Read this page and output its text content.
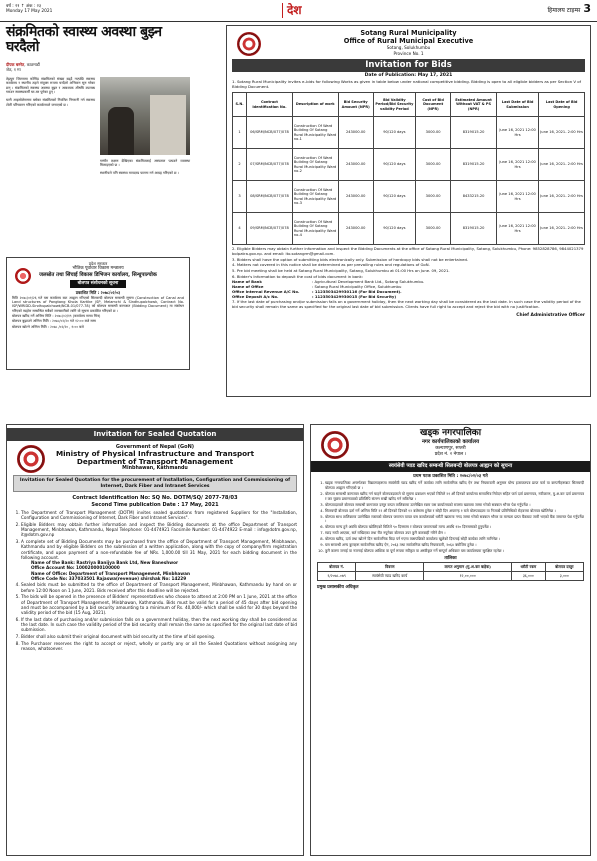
वर्ष : २१ ↑ अंक : २३
Monday 17 May 2021	देश	हिमालय टाइम्स 3
संक्रमितको स्वास्थ्य अवस्था बुझ्न घरदैलो
दीपक बस्नेत, काठमाडौं
जेठ, १ मा

तेह्रथुम जिल्लामा कोभिड संक्रमितको संख्या बढ्दै गएपछि स्वास्थ्य कार्यालय र स्थानीय तहले संयुक्त रूपमा घरदैलो अभियान सुरु गरेका छन् । संक्रमितको स्वास्थ्य अवस्था बुझ्न र आवश्यक औषधि उपलब्ध गराउन स्वास्थ्यकर्मी घर-घर पुगेका हुन् ।

घरमै आइसोलेसनमा बसेका संक्रमितको नियमित निगरानी गर्न स्वास्थ्य टोली परिचालन गरिएको कार्यालयले जनाएको छ ।

गम्भीर लक्षण देखिएका संक्रमितलाई अस्पताल पठाउने व्यवस्था मिलाइएको छ ।

स्थानीयले पनि स्वास्थ्य मापदण्ड पालना गर्न आग्रह गरिएको छ ।

प्रदेश सरकार
भौतिक पूर्वाधार विकास मन्त्रालय
जलस्रोत तथा सिंचाई विकास डिभिजन कार्यालय, सिन्धुपाल्चोक
बोलपत्र संशोधनको सूचना
प्रकाशित मिति : २०७८/०२/०३

मिति २०७८/०१/२६ गते यस कार्यालय बाट आह्वान गरिएको सिलबन्दी बोलपत्र सम्बन्धी सूचना (Construction of Canal and Land structures of Pangtang Khola Kartike (SP, Melamchi & Sindhupalchowk, Contract No. ISP/WRIDD-Sindhupalchowk/NCB-01/077-78) को बोलपत्र सम्बन्धी कागजात (Bidding Document) मा संशोधन गरिएको व्यहोरा सम्बन्धित सबैको जानकारीको लागि यो सूचना प्रकाशित गरिएको छ ।

बोलपत्र खरिद गर्ने अन्तिम मिति : २०७८/०२/१९ (कार्यालय समय भित्र)

बोलपत्र बुझाउने अन्तिम मिति : २०७८/०२/२० गते १२:०० बजे सम्म

बोलपत्र खोल्ने अन्तिम मिति : २०७८ /०२/२० , १:०० बजे

Sotang Rural Municipality
Office of Rural Municipal Executive
Sotang, Solukhumbu
Province No. 1
Invitation for Bids
Date of Publication: May 17, 2021
1. Sotang Rural Municipality invites e–bids for following Works as given in table below under national competitive bidding. Bidding is open to all eligible bidders as per Section V of Bidding Document.
S.N.	Contract Identification No.	Description of work	Bid Security Amount (NPR)	Bid Validity Period/Bid Security validity Period	Cost of Bid Document (NPR)	Estimated Amount Without VAT & PS (NPR)	Last Date of Bid Submission	Last Date of Bid Opening
1	06/SRM/NCB/077/078	Construction Of Ward Building Of Sotang Rural Municipality Ward no-1	243000.00	90/120 days	3000.00	8319015.20	June 16, 2021 12:00 Hrs	June 16, 2021- 2:00 Hrs
2	07/SRM/NCB/077/078	Construction Of Ward Building Of Sotang Rural Municipality Ward no-2	243000.00	90/120 days	3000.00	8319015.20	June 16, 2021 12:00 Hrs	June 16, 2021- 2:00 Hrs
3	08/SRM/NCB/077/078	Construction Of Ward Building Of Sotang Rural Municipality Ward no-3	243000.00	90/120 days	3000.00	8433215.20	June 16, 2021 12:00 Hrs	June 16, 2021- 2:00 Hrs
4	09/SRM/NCB/077/078	Construction Of Ward Building Of Sotang Rural Municipality Ward no-4	243000.00	90/120 days	3000.00	8319015.20	June 16, 2021 12:00 Hrs	June 16, 2021- 2:00 Hrs

2. Eligible Bidders may obtain further information and inspect the Bidding Documents at the office of Sotang Rural Municipality, Sotang, Solukhumbu, Phone: 9852828786, 9844021379 bolpatra.gov.np. and email: ito.sotangrm@gmail.com.

3. Bidders shall have the option of submitting bids electronically only. Submission of hardcopy bids shall not be entertained.

4. Matters not covered in this notice shall be determined as per prevailing rules and regulations of GoN.

5. Pre bid meeting shall be held at Sotang Rural Municipality, Sotang, Solukhumbu at 01:00 Hrs on June. 09, 2021.

6. Bidder's Information to deposit the cost of bids document in bank:

Name of Bank	: Agricultural Development Bank Ltd., Sotang Solukhumbu.
Name of Office	: Sotang Rural Municipality Office, Solukhumbu
Office Internal Revenue A/C No.	: 1123503429930116 (For Bid Document).
Office Deposit A/c No.	: 1123503429930015 (For Bid Security)

7. If the last date of purchasing and/or submission falls on a government holiday, then the next working day shall be considered as the last date. In such case the validity period of the bid security shall remain the same as specified for the original last date of bid submission. Clients have full right to accept and reject the bid with no justification.

Chief Administrative Officer
Invitation for Sealed Quotation
Government of Nepal (GoN)
Ministry of Physical Infrastructure and Transport
Department of Transport Management
Minbhawan, Kathmandu
Invitation for Sealed Quotation for the procurement of Installation, Configuration and Commissioning of Internet, Dark Fiber and Intranet Services
Contract Identification No: SQ No. DOTM/SQ/ 2077-78/03
Second Time publication Date : 17 May, 2021
1. The Department of Transport Management (DOTM) invites sealed quotations from registered Suppliers for the "Installation, Configuration and Commissioning of Internet, Dark Fiber and Intranet Services".
2. Eligible Bidders may obtain further information and inspect the Bidding documents at the office Department of Transport Management, Minbhawan, Kathmandu, Nepal Telephone: 01-4474921 Facsimile Number: 01-4474922 E-mail : info@dotm.gov.np, it@dotm.gov.np
3. A complete set of Bidding Documents may be purchased from the office of Department of Transport Management, Minbhawan, Kathmandu and by eligible Bidders on the submission of a written application, along with the copy of company/firm registration certificate, and upon payment of a non-refundable fee of NRs. 1,000.00 till 31 May, 2021 for each bidding document in the following account.
Name of the Bank: Rastriya Banijya Bank Ltd, New Baneshwor
Office Account No: 100020000100000
Name of Office: Department of Transport Management, Minbhawan
Office Code No: 337033501 Rajaswa(revenue) shirshak No: 14229
4. Sealed bids must be submitted to the office of Department of Transport Management, Minbhawan, Kathmandu by hand on or before 12:00 Noon on 1 June, 2021. Bids received after this deadline will be rejected.
5. The bids will be opened in the presence of Bidders' representatives who choose to attend at 2:00 PM on 1 June, 2021 at the office of Department of Transport Management, Minbhawan, Kathmandu. Bids must be valid for a period of 45 days after bid opening and must be accompanied by a bid security amounting to a minimum of Rs. 40,000/- which shall be valid for 30 days beyond the validity period of the bid (15 Aug, 2021).
6. If the last date of purchasing and/or submission falls on a government holiday, then the next working day shall be considered as the last date. In such case the validity period of the bid security shall remain the same as specified for the original last date of bid submission.
7. Bidder shall also submit their original document with bid security at the time of bid opening.
8. The Purchaser reserves the right to accept or reject, wholly or partly any or all the Sealed Quotations without assigning any reason, whatsoever.
खड्क नगरपालिका
नगर कार्यपालिकाको कार्यालय
कल्याणपुर, सप्तरी
प्रदेश नं. २ नेपाल ।
स्वयंसेवी प्याड खरिद सम्बन्धी सिलबन्दी बोलपत्र आह्वान को सूचना
प्रथम पटक प्रकाशित मिति : २०७८/०२/०३ गते
1. खड्क नगरपालिका अन्तर्गतका विद्यालयहरूमा स्वयंसेवी प्याड खरिद गर्ने कार्यका लागि सार्वजनिक खरिद ऐन तथा नियमावली अनुसार योग्य इजाजतपत्र प्राप्त फर्म वा कम्पनीहरूबाट सिलबन्दी बोलपत्र आह्वान गरिएको छ ।
2. बोलपत्र सम्बन्धी कागजात खरिद गर्न चाहने बोलपत्रदाताले यो सूचना प्रकाशन भएको मितिले २१ औं दिनको कार्यालय समयभित्र निवेदन सहित फर्म दर्ता प्रमाणपत्र, नवीकरण, मु.अ.कर दर्ता प्रमाणपत्र र कर चुक्ता प्रमाणपत्रको प्रतिलिपि संलग्न राखी खरिद गर्न सकिनेछ ।
3. बोलपत्रदाताले बोलपत्र सम्बन्धी कागजात दस्तुर वापत तालिकामा उल्लेखित रकम यस कार्यालयको राजस्व खातामा जम्मा गरेको सक्कल भौचर पेश गर्नुपर्नेछ ।
4. सिलबन्दी बोलपत्र दर्ता गर्ने अन्तिम मिति २२ औं दिनको दिनको १२ बजेसम्म हुनेछ र सोही दिन अपरान्ह १ बजे बोलपत्रदाता वा निजको प्रतिनिधिको रोहवरमा बोलपत्र खोलिनेछ ।
5. बोलपत्र साथ तालिकामा उल्लेखित रकमको बोलपत्र जमानत वापत यस कार्यालयको धरौटी खातामा नगद जम्मा गरेको सक्कल भौचर वा मान्यता प्राप्त बैंकबाट जारी भएको बैंक जमानत पेश गर्नुपर्नेछ ।
6. बोलपत्र मान्य हुने अवधि बोलपत्र खोलिएको मितिले ९० दिनसम्म र बोलपत्र जमानतको मान्य अवधि १२० दिनसम्मको हुनुपर्नेछ ।
7. म्याद नाघी आएका, सर्त राखिएका तथा रीत नपुगेका बोलपत्र उपर कुनै कारबाही गरिने छैन ।
8. बोलपत्र खरिद, दर्ता तथा खोल्ने दिन सार्वजनिक बिदा पर्न गएमा त्यसपछिको कार्यालय खुलेको दिनलाई सोही कार्यका लागि मानिनेछ ।
9. यस सम्बन्धी अन्य कुराहरू सार्वजनिक खरिद ऐन, २०६३ तथा सार्वजनिक खरिद नियमावली, २०६४ बमोजिम हुनेछ ।
10. कुनै कारण जनाई वा नजनाई बोलपत्र आंशिक वा पूर्ण रूपमा स्वीकृत वा अस्वीकृत गर्ने सम्पूर्ण अधिकार यस कार्यालयमा सुरक्षित रहनेछ ।
तालिका
बोलपत्र नं.	विवरण	लागत अनुमान (मु.अ.कर बाहेक)	धरौटी रकम	बोलपत्र दस्तुर
१/२०७८-०७९	स्वयंसेवी प्याड खरिद कार्य	१२,००,०००	३६,०००	३,०००
प्रमुख प्रशासकीय अधिकृत
